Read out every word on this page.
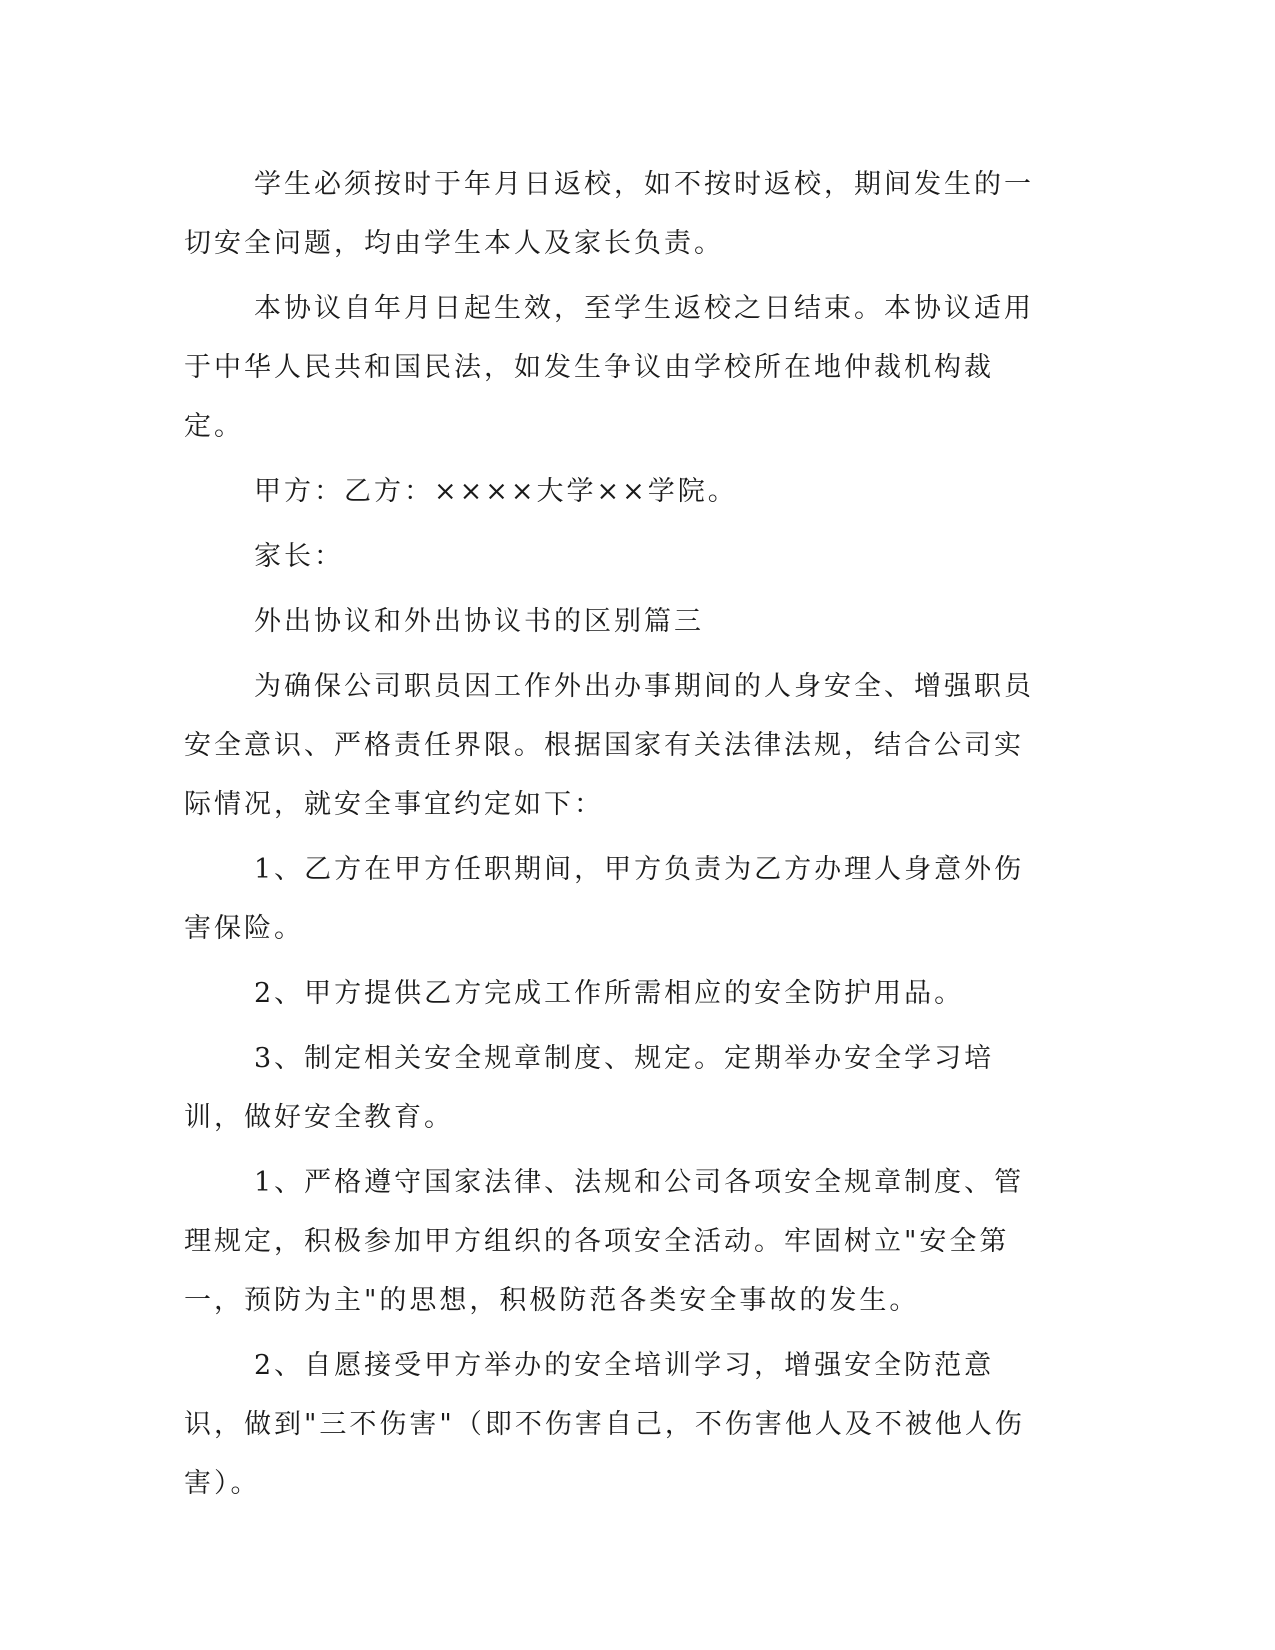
学生必须按时于年月日返校，如不按时返校，期间发生的一切安全问题，均由学生本人及家长负责。

本协议自年月日起生效，至学生返校之日结束。本协议适用于中华人民共和国民法，如发生争议由学校所在地仲裁机构裁定。

甲方：乙方：××××大学××学院。

家长：

外出协议和外出协议书的区别篇三

为确保公司职员因工作外出办事期间的人身安全、增强职员安全意识、严格责任界限。根据国家有关法律法规，结合公司实际情况，就安全事宜约定如下：

1、乙方在甲方任职期间，甲方负责为乙方办理人身意外伤害保险。

2、甲方提供乙方完成工作所需相应的安全防护用品。

3、制定相关安全规章制度、规定。定期举办安全学习培训，做好安全教育。

1、严格遵守国家法律、法规和公司各项安全规章制度、管理规定，积极参加甲方组织的各项安全活动。牢固树立"安全第一，预防为主"的思想，积极防范各类安全事故的发生。

2、自愿接受甲方举办的安全培训学习，增强安全防范意识，做到"三不伤害"（即不伤害自己，不伤害他人及不被他人伤害）。
